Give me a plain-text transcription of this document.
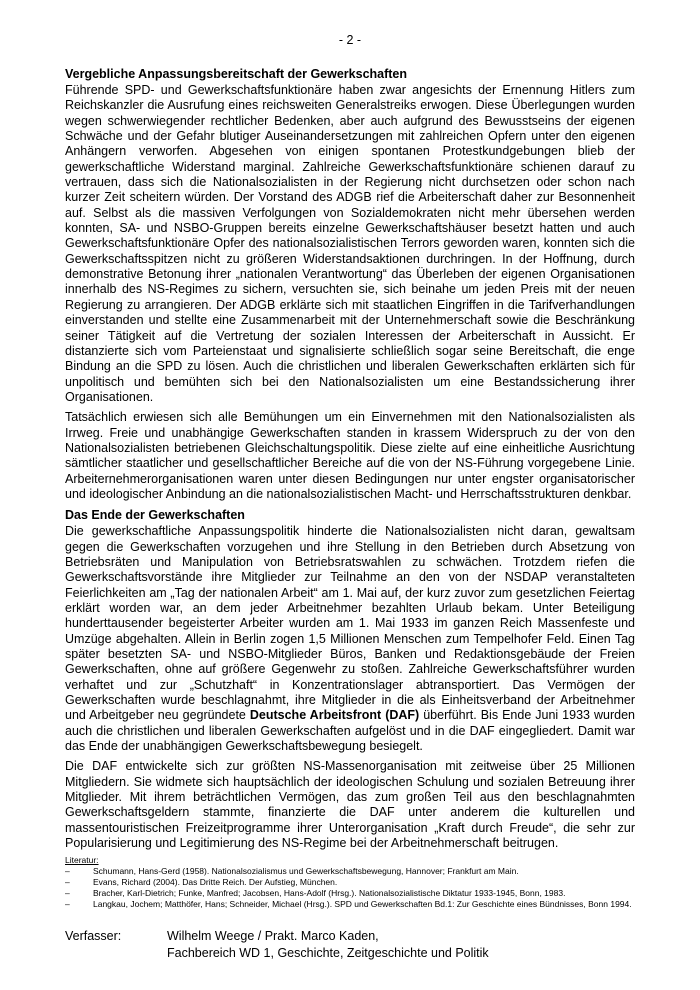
- 2 -
Vergebliche Anpassungsbereitschaft der Gewerkschaften

Führende SPD- und Gewerkschaftsfunktionäre haben zwar angesichts der Ernennung Hitlers zum Reichskanzler die Ausrufung eines reichsweiten Generalstreiks erwogen. Diese Überlegungen wurden wegen schwerwiegender rechtlicher Bedenken, aber auch aufgrund des Bewusstseins der eigenen Schwäche und der Gefahr blutiger Auseinandersetzungen mit zahlreichen Opfern unter den eigenen Anhängern verworfen. Abgesehen von einigen spontanen Protestkundgebungen blieb der gewerkschaftliche Widerstand marginal. Zahlreiche Gewerkschaftsfunktionäre schienen darauf zu vertrauen, dass sich die Nationalsozialisten in der Regierung nicht durchsetzen oder schon nach kurzer Zeit scheitern würden. Der Vorstand des ADGB rief die Arbeiterschaft daher zur Besonnenheit auf. Selbst als die massiven Verfolgungen von Sozialdemokraten nicht mehr übersehen werden konnten, SA- und NSBO-Gruppen bereits einzelne Gewerkschaftshäuser besetzt hatten und auch Gewerkschaftsfunktionäre Opfer des nationalsozialistischen Terrors geworden waren, konnten sich die Gewerkschaftsspitzen nicht zu größeren Widerstandsaktionen durchringen. In der Hoffnung, durch demonstrative Betonung ihrer „nationalen Verantwortung“ das Überleben der eigenen Organisationen innerhalb des NS-Regimes zu sichern, versuchten sie, sich beinahe um jeden Preis mit der neuen Regierung zu arrangieren. Der ADGB erklärte sich mit staatlichen Eingriffen in die Tarifverhandlungen einverstanden und stellte eine Zusammenarbeit mit der Unternehmerschaft sowie die Beschränkung seiner Tätigkeit auf die Vertretung der sozialen Interessen der Arbeiterschaft in Aussicht. Er distanzierte sich vom Parteienstaat und signalisierte schließlich sogar seine Bereitschaft, die enge Bindung an die SPD zu lösen. Auch die christlichen und liberalen Gewerkschaften erklärten sich für unpolitisch und bemühten sich bei den Nationalsozialisten um eine Bestandssicherung ihrer Organisationen.

Tatsächlich erwiesen sich alle Bemühungen um ein Einvernehmen mit den Nationalsozialisten als Irrweg. Freie und unabhängige Gewerkschaften standen in krassem Widerspruch zu der von den Nationalsozialisten betriebenen Gleichschaltungspolitik. Diese zielte auf eine einheitliche Ausrichtung sämtlicher staatlicher und gesellschaftlicher Bereiche auf die von der NS-Führung vorgegebene Linie. Arbeiternehmerorganisationen waren unter diesen Bedingungen nur unter engster organisatorischer und ideologischer Anbindung an die nationalsozialistischen Macht- und Herrschaftsstrukturen denkbar.

Das Ende der Gewerkschaften

Die gewerkschaftliche Anpassungspolitik hinderte die Nationalsozialisten nicht daran, gewaltsam gegen die Gewerkschaften vorzugehen und ihre Stellung in den Betrieben durch Absetzung von Betriebsräten und Manipulation von Betriebsratswahlen zu schwächen. Trotzdem riefen die Gewerkschaftsvorstände ihre Mitglieder zur Teilnahme an den von der NSDAP veranstalteten Feierlichkeiten am „Tag der nationalen Arbeit“ am 1. Mai auf, der kurz zuvor zum gesetzlichen Feiertag erklärt worden war, an dem jeder Arbeitnehmer bezahlten Urlaub bekam. Unter Beteiligung hunderttausender begeisterter Arbeiter wurden am 1. Mai 1933 im ganzen Reich Massenfeste und Umzüge abgehalten. Allein in Berlin zogen 1,5 Millionen Menschen zum Tempelhofer Feld. Einen Tag später besetzten SA- und NSBO-Mitglieder Büros, Banken und Redaktionsgebäude der Freien Gewerkschaften, ohne auf größere Gegenwehr zu stoßen. Zahlreiche Gewerkschaftsführer wurden verhaftet und zur „Schutzhaft“ in Konzentrationslager abtransportiert. Das Vermögen der Gewerkschaften wurde beschlagnahmt, ihre Mitglieder in die als Einheitsverband der Arbeitnehmer und Arbeitgeber neu gegründete Deutsche Arbeitsfront (DAF) überführt. Bis Ende Juni 1933 wurden auch die christlichen und liberalen Gewerkschaften aufgelöst und in die DAF eingegliedert. Damit war das Ende der unabhängigen Gewerkschaftsbewegung besiegelt.

Die DAF entwickelte sich zur größten NS-Massenorganisation mit zeitweise über 25 Millionen Mitgliedern. Sie widmete sich hauptsächlich der ideologischen Schulung und sozialen Betreuung ihrer Mitglieder. Mit ihrem beträchtlichen Vermögen, das zum großen Teil aus den beschlagnahmten Gewerkschaftsgeldern stammte, finanzierte die DAF unter anderem die kulturellen und massentouristischen Freizeitprogramme ihrer Unterorganisation „Kraft durch Freude“, die sehr zur Popularisierung und Legitimierung des NS-Regime bei der Arbeitnehmerschaft beitrugen.

Literatur:
–	Schumann, Hans-Gerd (1958). Nationalsozialismus und Gewerkschaftsbewegung, Hannover; Frankfurt am Main.
–	Evans, Richard (2004). Das Dritte Reich. Der Aufstieg, München.
–	Bracher, Karl-Dietrich; Funke, Manfred; Jacobsen, Hans-Adolf (Hrsg.). Nationalsozialistische Diktatur 1933-1945, Bonn, 1983.
–	Langkau, Jochem; Matthöfer, Hans; Schneider, Michael (Hrsg.). SPD und Gewerkschaften Bd.1: Zur Geschichte eines Bündnisses, Bonn 1994.
Verfasser:	Wilhelm Weege / Prakt. Marco Kaden,
Fachbereich WD 1, Geschichte, Zeitgeschichte und Politik
